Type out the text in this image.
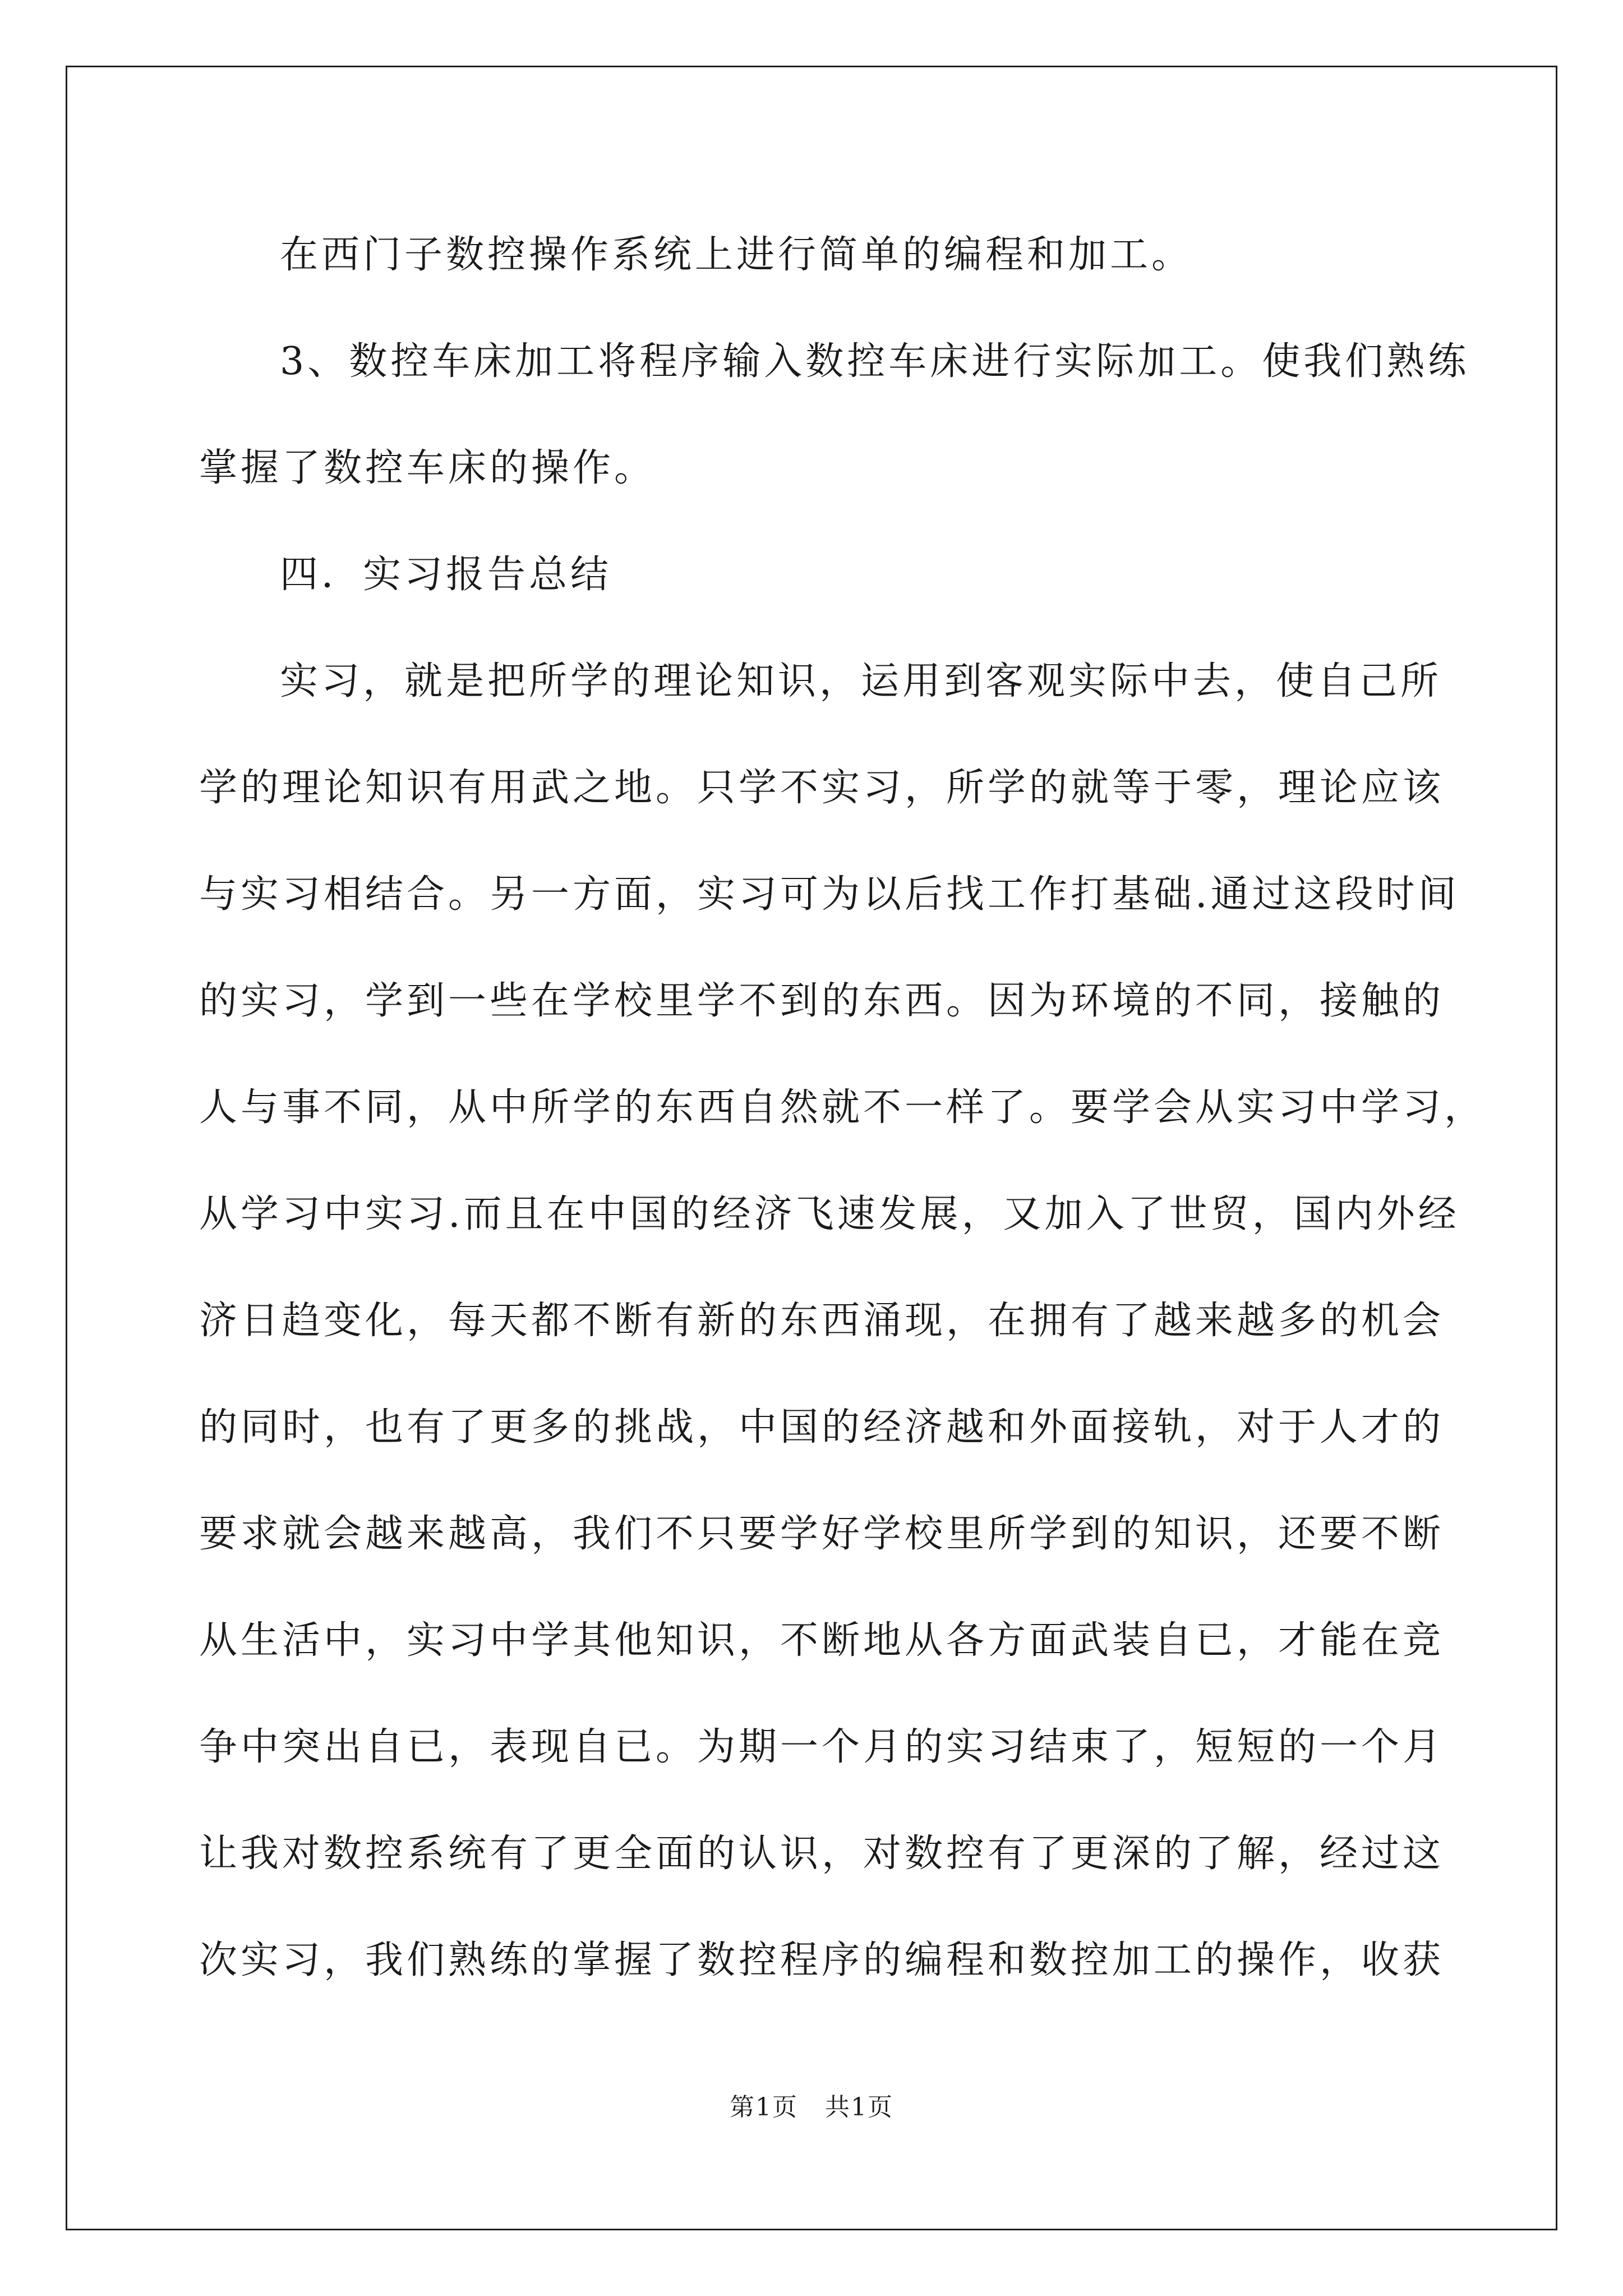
在西门子数控操作系统上进行简单的编程和加工。
3、数控车床加工将程序输入数控车床进行实际加工。使我们熟练
掌握了数控车床的操作。
四．实习报告总结
实习，就是把所学的理论知识，运用到客观实际中去，使自己所
学的理论知识有用武之地。只学不实习，所学的就等于零，理论应该
与实习相结合。另一方面，实习可为以后找工作打基础.通过这段时间
的实习，学到一些在学校里学不到的东西。因为环境的不同，接触的
人与事不同，从中所学的东西自然就不一样了。要学会从实习中学习，
从学习中实习.而且在中国的经济飞速发展，又加入了世贸，国内外经
济日趋变化，每天都不断有新的东西涌现，在拥有了越来越多的机会
的同时，也有了更多的挑战，中国的经济越和外面接轨，对于人才的
要求就会越来越高，我们不只要学好学校里所学到的知识，还要不断
从生活中，实习中学其他知识，不断地从各方面武装自已，才能在竞
争中突出自已，表现自已。为期一个月的实习结束了，短短的一个月
让我对数控系统有了更全面的认识，对数控有了更深的了解，经过这
次实习，我们熟练的掌握了数控程序的编程和数控加工的操作，收获
第1页   共1页
